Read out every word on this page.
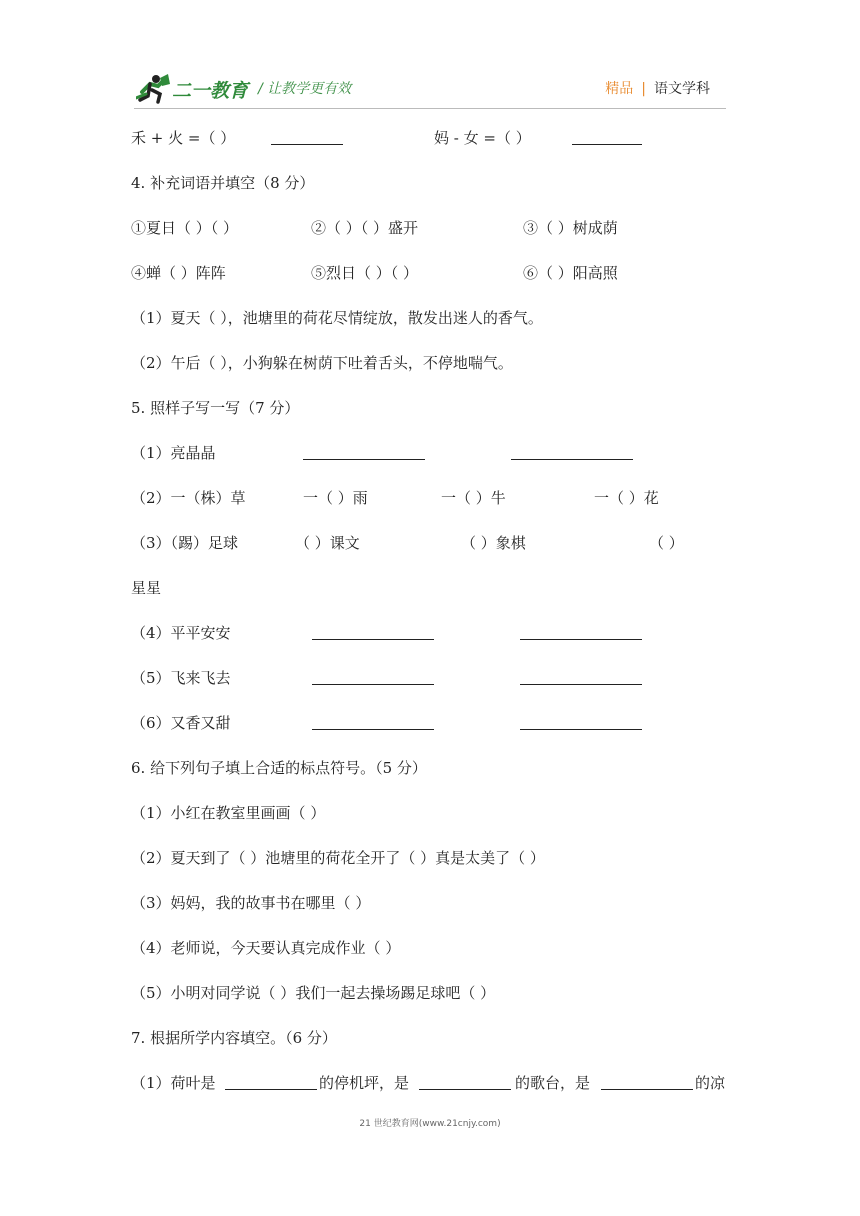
二一教育 / 让教学更有效	精品 | 语文学科
禾 + 火 =（ ）	妈 - 女 =（ ）
4. 补充词语并填空（8 分）
①夏日（ ）（ ）	②（ ）（ ）盛开	③（ ）树成荫
④蝉（ ）阵阵	⑤烈日（ ）（ ）	⑥（ ）阳高照
（1）夏天（ ），池塘里的荷花尽情绽放，散发出迷人的香气。
（2）午后（ ），小狗躲在树荫下吐着舌头，不停地喘气。
5. 照样子写一写（7 分）
（1）亮晶晶
（2）一（株）草	一（ ）雨	一（ ）牛	一（ ）花
（3）（踢）足球	（ ）课文	（ ）象棋	（ ）
星星
（4）平平安安
（5）飞来飞去
（6）又香又甜
6. 给下列句子填上合适的标点符号。（5 分）
（1）小红在教室里画画（ ）
（2）夏天到了（ ）池塘里的荷花全开了（ ）真是太美了（ ）
（3）妈妈，我的故事书在哪里（ ）
（4）老师说，今天要认真完成作业（ ）
（5）小明对同学说（ ）我们一起去操场踢足球吧（ ）
7. 根据所学内容填空。（6 分）
（1）荷叶是	的停机坪，是	的歌台，是	的凉
21 世纪教育网(www.21cnjy.com)
